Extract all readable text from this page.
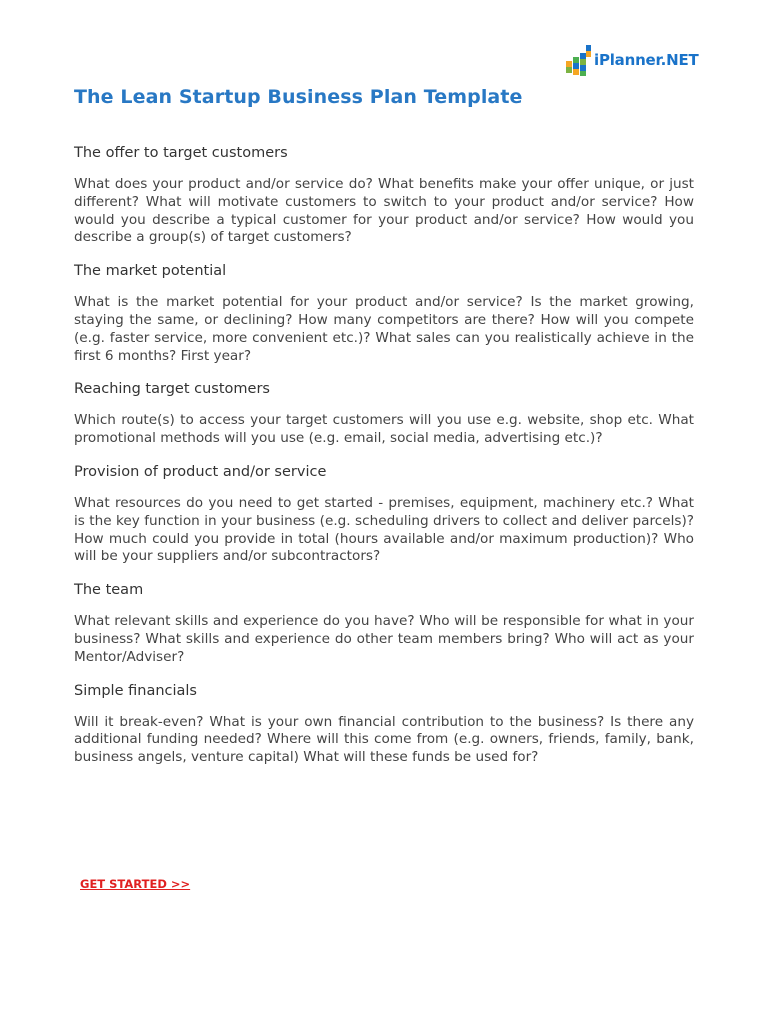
iPlanner.NET
The Lean Startup Business Plan Template
The offer to target customers

What does your product and/or service do? What benefits make your offer unique, or just different? What will motivate customers to switch to your product and/or service? How would you describe a typical customer for your product and/or service? How would you describe a group(s) of target customers?

The market potential

What is the market potential for your product and/or service? Is the market growing, staying the same, or declining? How many competitors are there? How will you compete (e.g. faster service, more convenient etc.)? What sales can you realistically achieve in the first 6 months? First year?

Reaching target customers

Which route(s) to access your target customers will you use e.g. website, shop etc. What promotional methods will you use (e.g. email, social media, advertising etc.)?

Provision of product and/or service

What resources do you need to get started - premises, equipment, machinery etc.? What is the key function in your business (e.g. scheduling drivers to collect and deliver parcels)? How much could you provide in total (hours available and/or maximum production)? Who will be your suppliers and/or subcontractors?

The team

What relevant skills and experience do you have? Who will be responsible for what in your business? What skills and experience do other team members bring? Who will act as your Mentor/Adviser?

Simple financials

Will it break-even? What is your own financial contribution to the business? Is there any additional funding needed? Where will this come from (e.g. owners, friends, family, bank, business angels, venture capital) What will these funds be used for?

GET STARTED >>
